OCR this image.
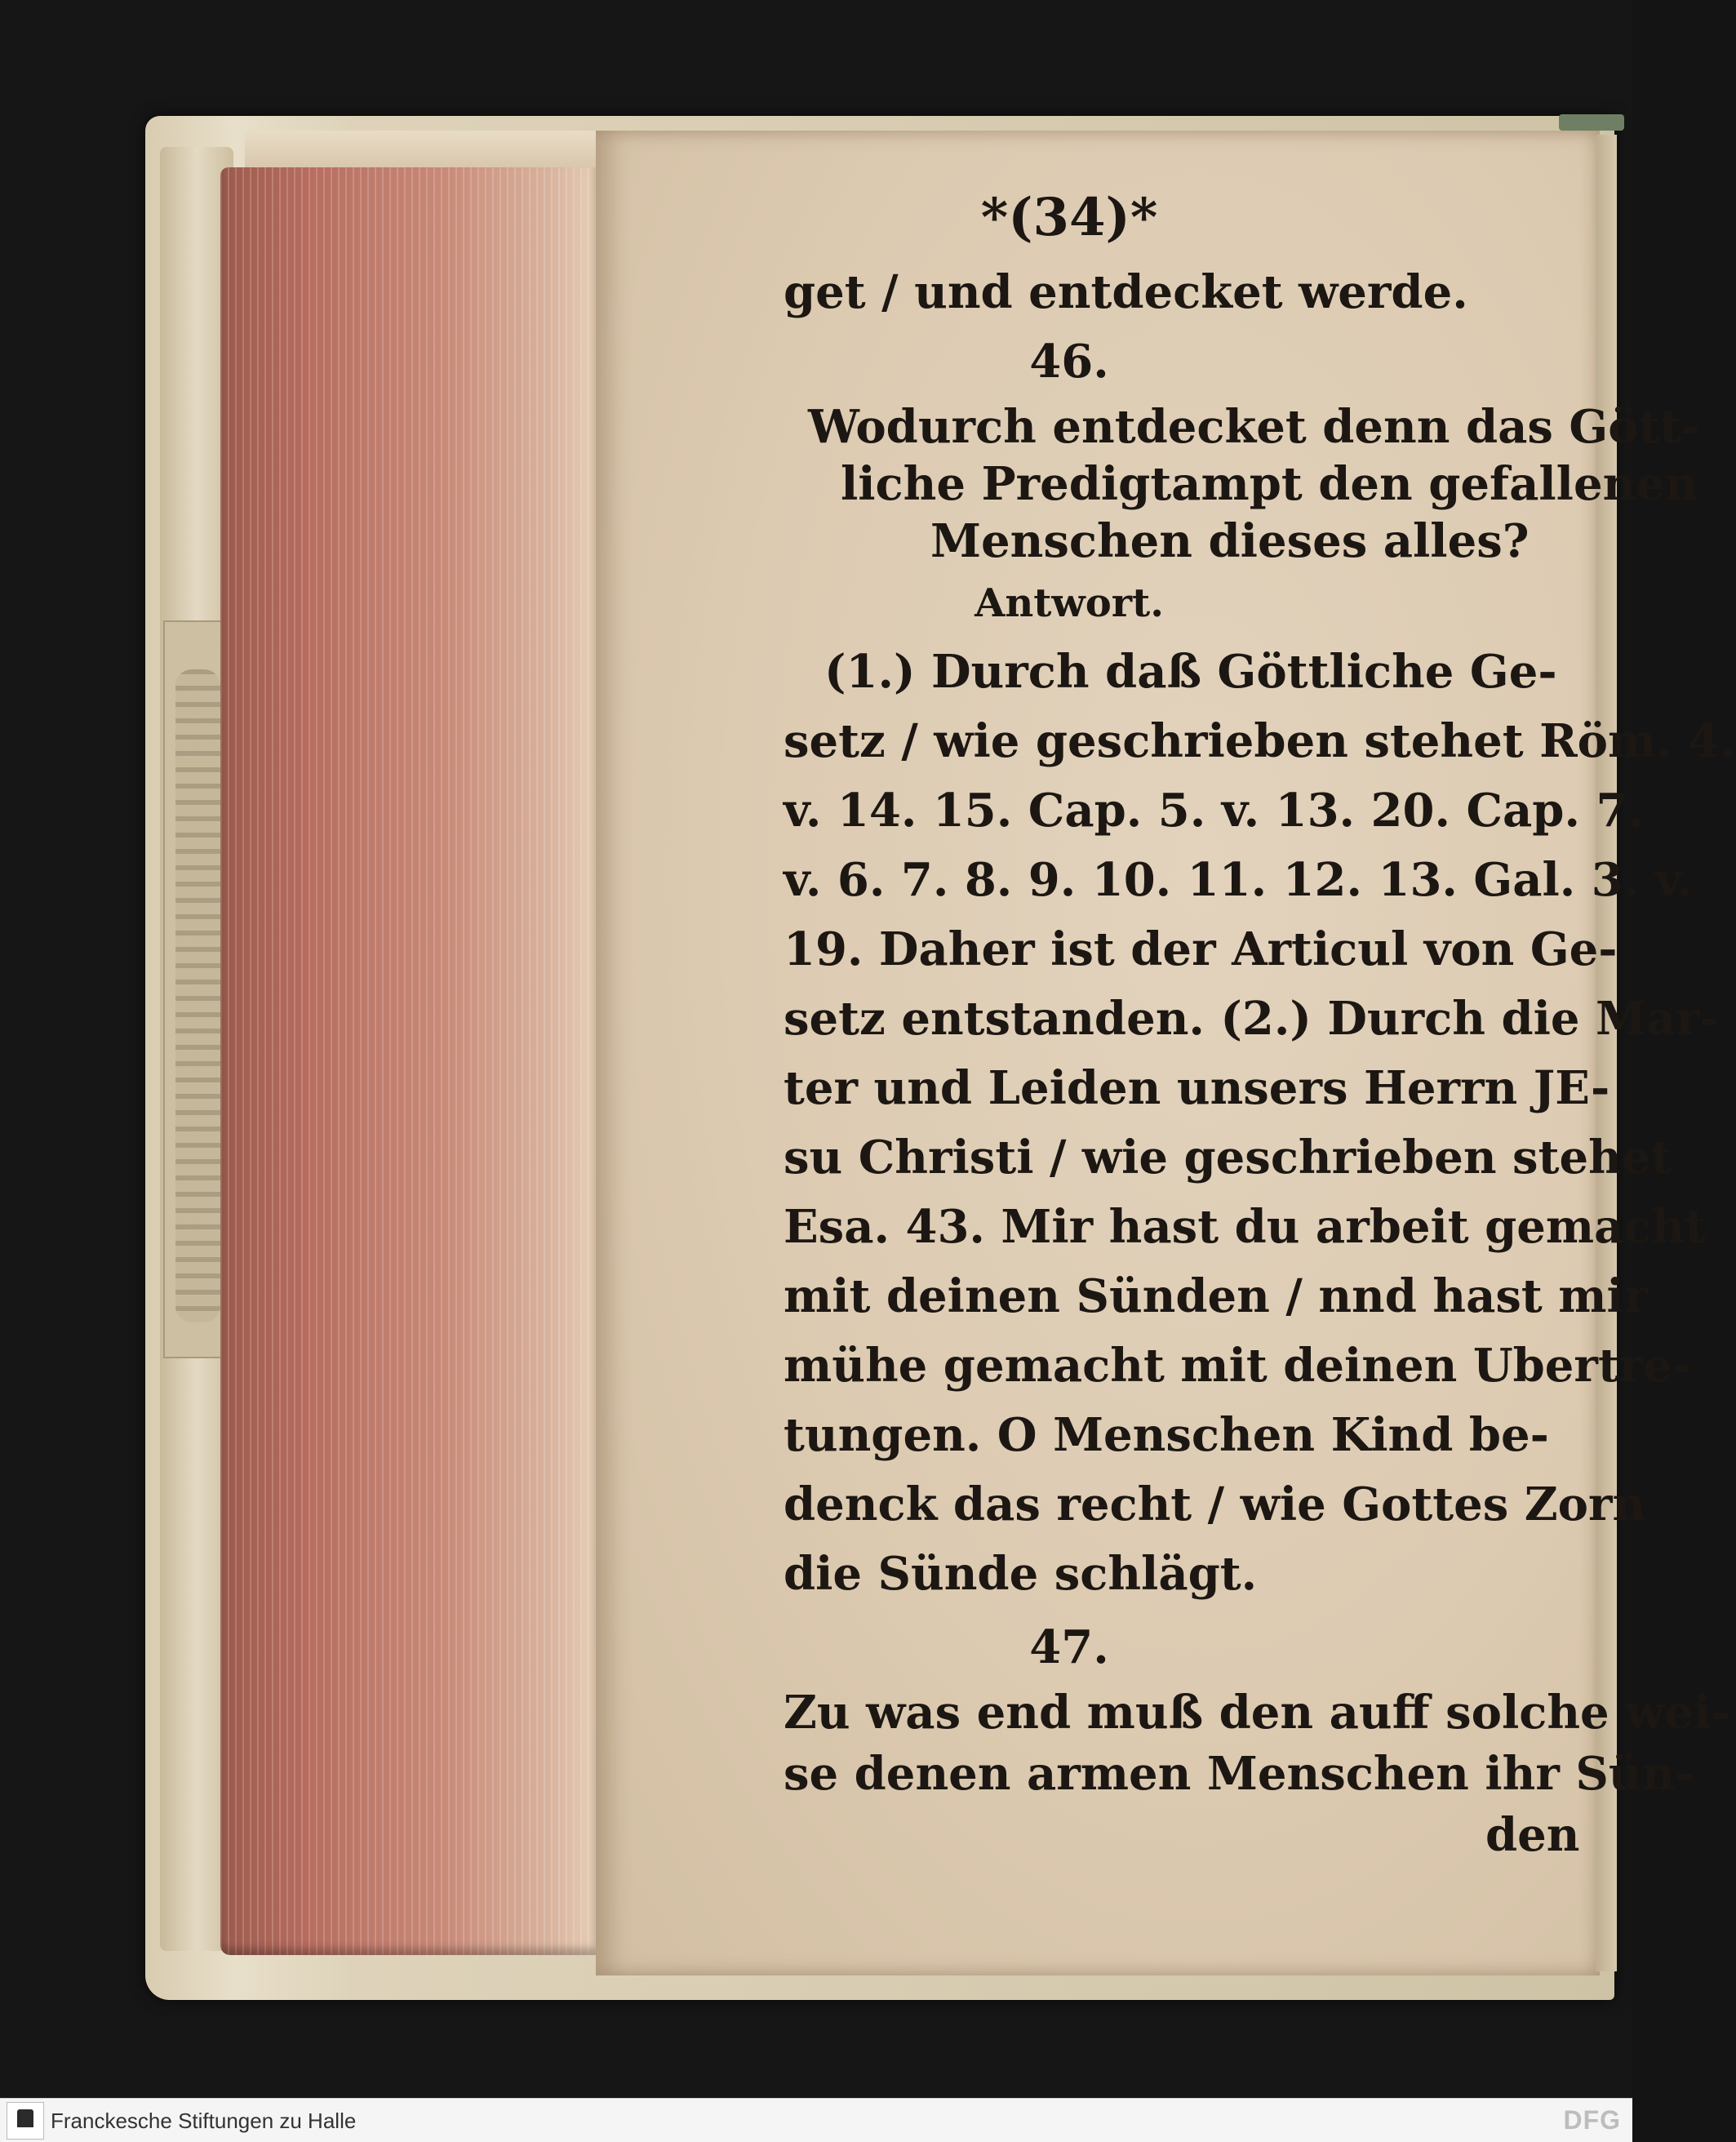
*(34)*
get / und entdecket werde.
46.
Wodurch entdecket denn das Gött-
liche Predigtampt den gefallenen
Menschen dieses alles?
Antwort.
(1.) Durch daß Göttliche Ge-
setz / wie geschrieben stehet Röm. 4.
v. 14. 15. Cap. 5. v. 13. 20. Cap. 7.
v. 6. 7. 8. 9. 10. 11. 12. 13. Gal. 3. v.
19. Daher ist der Articul von Ge-
setz entstanden. (2.) Durch die Mar-
ter und Leiden unsers Herrn JE-
su Christi / wie geschrieben stehet
Esa. 43. Mir hast du arbeit gemacht
mit deinen Sünden / nnd hast mir
mühe gemacht mit deinen Ubertre-
tungen. O Menschen Kind be-
denck das recht / wie Gottes Zorn
die Sünde schlägt.
47.
Zu was end muß den auff solche wei-
se denen armen Menschen ihr Sün-
den
Franckesche Stiftungen zu Halle	DFG
